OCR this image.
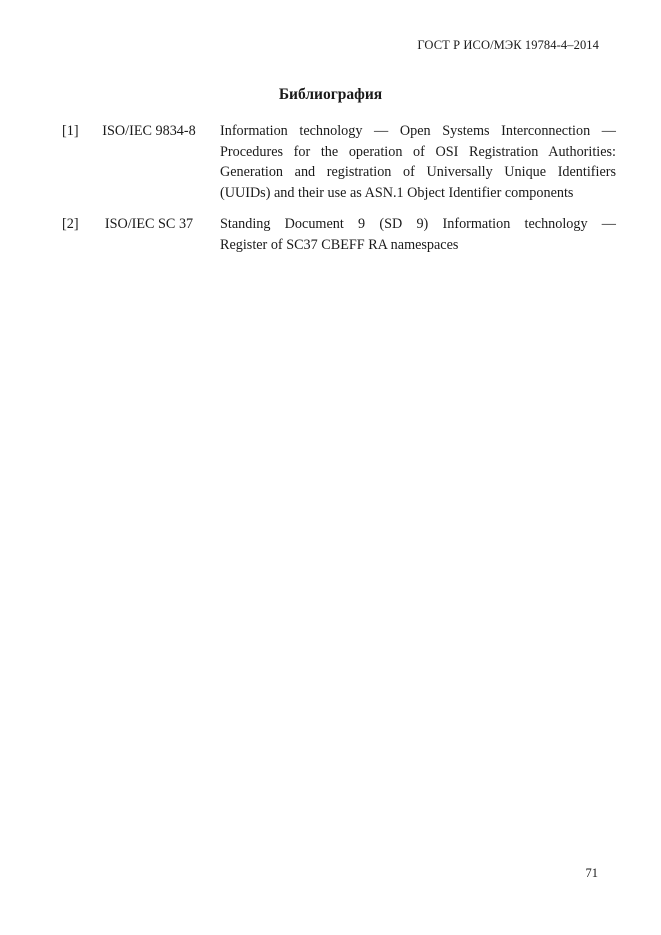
ГОСТ Р ИСО/МЭК 19784-4–2014
Библиография
[1]	ISO/IEC 9834-8	Information technology — Open Systems Interconnection —
Procedures for the operation of OSI Registration Authorities:
Generation and registration of Universally Unique Identifiers
(UUIDs) and their use as ASN.1 Object Identifier components
[2]	ISO/IEC SC 37	Standing Document 9 (SD 9) Information technology —
Register of SC37 CBEFF RA namespaces
71
